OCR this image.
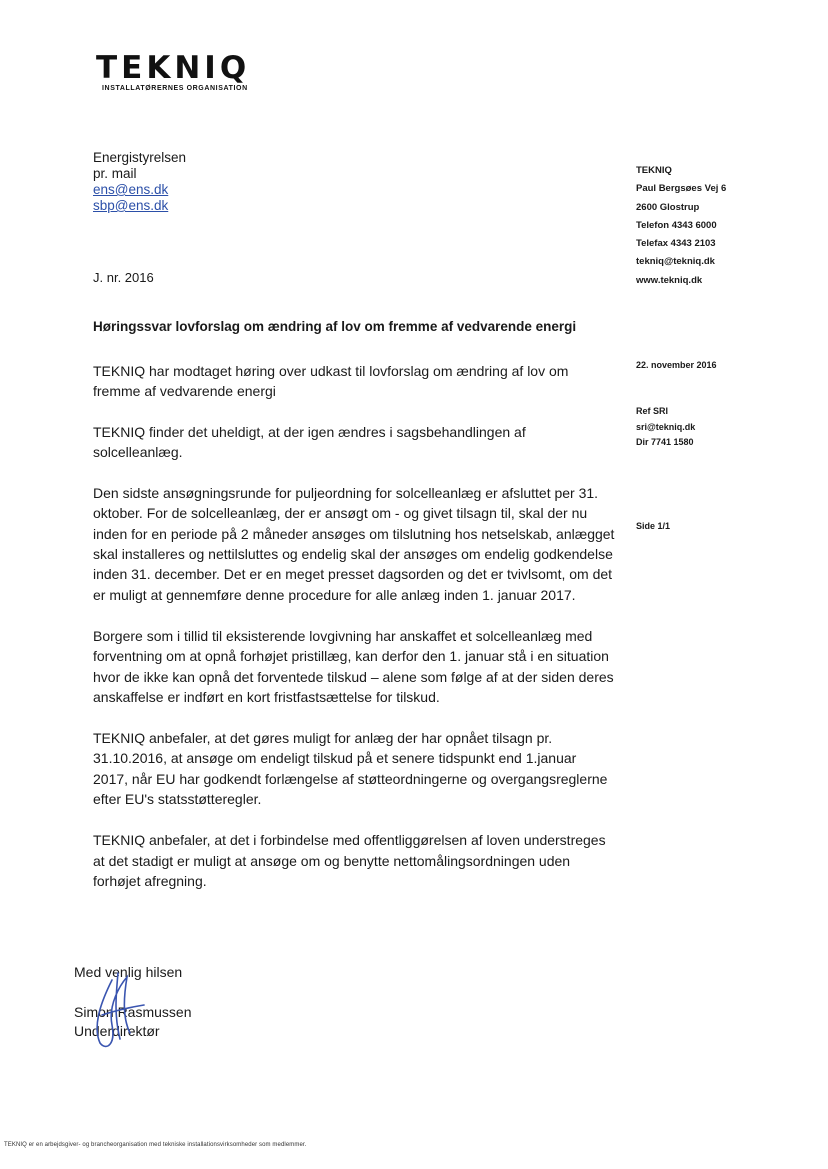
TEKNIQ
INSTALLATØRERNES ORGANISATION
Energistyrelsen
pr. mail
ens@ens.dk
sbp@ens.dk
TEKNIQ
Paul Bergsøes Vej 6
2600 Glostrup
Telefon 4343 6000
Telefax 4343 2103
tekniq@tekniq.dk
www.tekniq.dk
J. nr. 2016
Høringssvar lovforslag om ændring af lov om fremme af vedvarende energi
22. november 2016
Ref SRI
sri@tekniq.dk
Dir 7741 1580
Side 1/1

TEKNIQ har modtaget høring over udkast til lovforslag om ændring af lov om fremme af vedvarende energi

TEKNIQ finder det uheldigt, at der igen ændres i sagsbehandlingen af solcelleanlæg.

Den sidste ansøgningsrunde for puljeordning for solcelleanlæg er afsluttet per 31. oktober. For de solcelleanlæg, der er ansøgt om - og givet tilsagn til, skal der nu inden for en periode på 2 måneder ansøges om tilslutning hos netselskab, anlægget skal installeres og nettilsluttes og endelig skal der ansøges om endelig godkendelse inden 31. december. Det er en meget presset dagsorden og det er tvivlsomt, om det er muligt at gennemføre denne procedure for alle anlæg inden 1. januar 2017.

Borgere som i tillid til eksisterende lovgivning har anskaffet et solcelleanlæg med forventning om at opnå forhøjet pristillæg, kan derfor den 1. januar stå i en situation hvor de ikke kan opnå det forventede tilskud – alene som følge af at der siden deres anskaffelse er indført en kort fristfastsættelse for tilskud.

TEKNIQ anbefaler, at det gøres muligt for anlæg der har opnået tilsagn pr. 31.10.2016, at ansøge om endeligt tilskud på et senere tidspunkt end 1.januar 2017, når EU har godkendt forlængelse af støtteordningerne og overgangsreglerne efter EU's statsstøtteregler.

TEKNIQ anbefaler, at det i forbindelse med offentliggørelsen af loven understreges at det stadigt er muligt at ansøge om og benytte nettomålingsordningen uden forhøjet afregning.

Med venlig hilsen
Simon Rasmussen
Underdirektør
TEKNIQ er en arbejdsgiver- og brancheorganisation med tekniske installationsvirksomheder som medlemmer.
